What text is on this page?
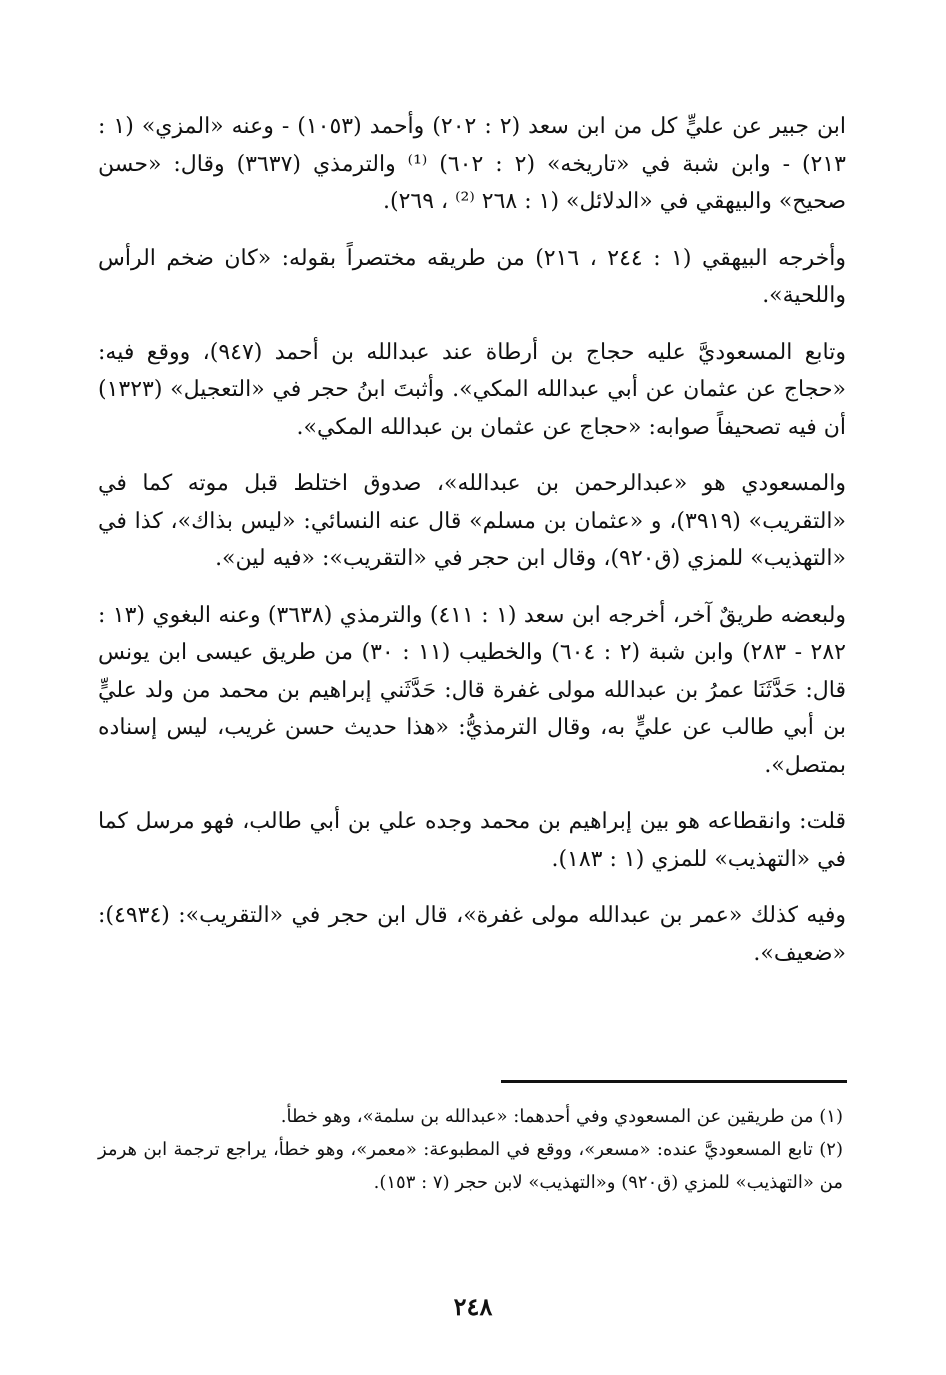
ابن جبير عن عليٍّ كل من ابن سعد (٢ : ٢٠٢) وأحمد (١٠٥٣) - وعنه «المزي» (١ : ٢١٣) - وابن شبة في «تاريخه» (٢ : ٦٠٢) ⁽¹⁾ والترمذي (٣٦٣٧) وقال: «حسن صحيح» والبيهقي في «الدلائل» (١ : ٢٦٨ ⁽²⁾ ، ٢٦٩).

وأخرجه البيهقي (١ : ٢٤٤ ، ٢١٦) من طريقه مختصراً بقوله: «كان ضخم الرأس واللحية».

وتابع المسعوديَّ عليه حجاج بن أرطاة عند عبدالله بن أحمد (٩٤٧)، ووقع فيه: «حجاج عن عثمان عن أبي عبدالله المكي». وأثبتَ ابنُ حجر في «التعجيل» (١٣٢٣) أن فيه تصحيفاً صوابه: «حجاج عن عثمان بن عبدالله المكي».

والمسعودي هو «عبدالرحمن بن عبدالله»، صدوق اختلط قبل موته كما في «التقريب» (٣٩١٩)، و «عثمان بن مسلم» قال عنه النسائي: «ليس بذاك»، كذا في «التهذيب» للمزي (ق٩٢٠)، وقال ابن حجر في «التقريب»: «فيه لين».

ولبعضه طريقٌ آخر، أخرجه ابن سعد (١ : ٤١١) والترمذي (٣٦٣٨) وعنه البغوي (١٣ : ٢٨٢ - ٢٨٣) وابن شبة (٢ : ٦٠٤) والخطيب (١١ : ٣٠) من طريق عيسى ابن يونس قال: حَدَّثَنَا عمرُ بن عبدالله مولى غفرة قال: حَدَّثَني إبراهيم بن محمد من ولد عليٍّ بن أبي طالب عن عليٍّ به، وقال الترمذيُّ: «هذا حديث حسن غريب، ليس إسناده بمتصل».

قلت: وانقطاعه هو بين إبراهيم بن محمد وجده علي بن أبي طالب، فهو مرسل كما في «التهذيب» للمزي (١ : ١٨٣).

وفيه كذلك «عمر بن عبدالله مولى غفرة»، قال ابن حجر في «التقريب»: (٤٩٣٤): «ضعيف».

(١) من طريقين عن المسعودي وفي أحدهما: «عبدالله بن سلمة»، وهو خطأ.

(٢) تابع المسعوديَّ عنده: «مسعر»، ووقع في المطبوعة: «معمر»، وهو خطأ، يراجع ترجمة ابن هرمز من «التهذيب» للمزي (ق٩٢٠) و«التهذيب» لابن حجر (٧ : ١٥٣).

٢٤٨
